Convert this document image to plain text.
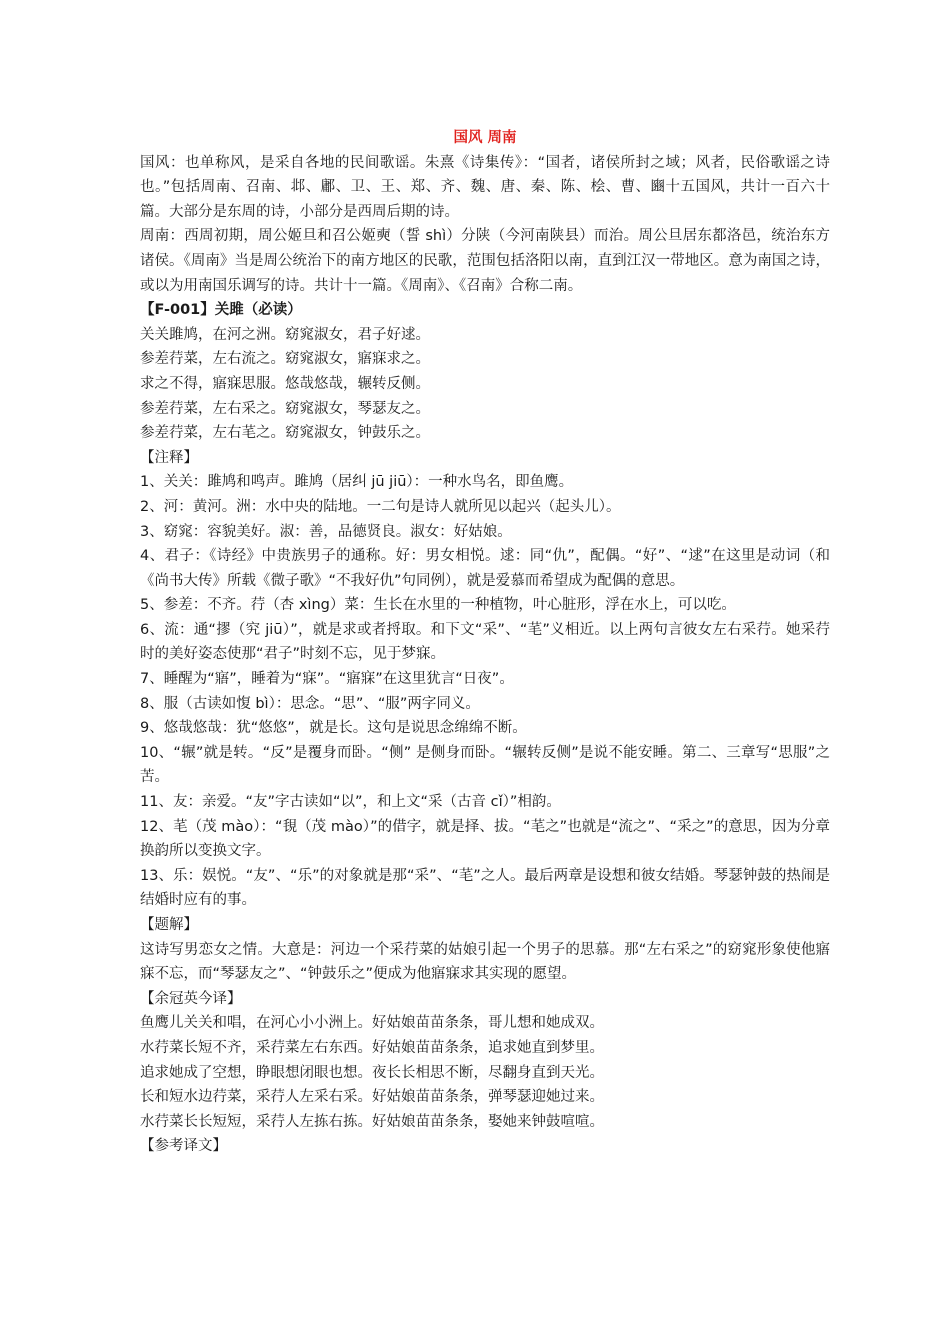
国风 周南

国风：也单称风，是采自各地的民间歌谣。朱熹《诗集传》：“国者，诸侯所封之域；风者，民俗歌谣之诗也。”包括周南、召南、邶、鄘、卫、王、郑、齐、魏、唐、秦、陈、桧、曹、豳十五国风，共计一百六十篇。大部分是东周的诗，小部分是西周后期的诗。

周南：西周初期，周公姬旦和召公姬奭（誓 shì）分陕（今河南陕县）而治。周公旦居东都洛邑，统治东方诸侯。《周南》当是周公统治下的南方地区的民歌，范围包括洛阳以南，直到江汉一带地区。意为南国之诗，或以为用南国乐调写的诗。共计十一篇。《周南》、《召南》合称二南。

【F-001】关雎（必读）

关关雎鸠，在河之洲。窈窕淑女，君子好逑。

参差荇菜，左右流之。窈窕淑女，寤寐求之。

求之不得，寤寐思服。悠哉悠哉，辗转反侧。

参差荇菜，左右采之。窈窕淑女，琴瑟友之。

参差荇菜，左右芼之。窈窕淑女，钟鼓乐之。

【注释】

1、关关：雎鸠和鸣声。雎鸠（居纠 jū jiū）：一种水鸟名，即鱼鹰。

2、河：黄河。洲：水中央的陆地。一二句是诗人就所见以起兴（起头儿）。

3、窈窕：容貌美好。淑：善，品德贤良。淑女：好姑娘。

4、君子：《诗经》中贵族男子的通称。好：男女相悦。逑：同“仇”，配偶。“好”、“逑”在这里是动词（和《尚书大传》所载《微子歌》“不我好仇”句同例），就是爱慕而希望成为配偶的意思。

5、参差：不齐。荇（杏 xìng）菜：生长在水里的一种植物，叶心脏形，浮在水上，可以吃。

6、流：通“摎（究 jiū）”，就是求或者捋取。和下文“采”、“芼”义相近。以上两句言彼女左右采荇。她采荇时的美好姿态使那“君子”时刻不忘，见于梦寐。

7、睡醒为“寤”，睡着为“寐”。“寤寐”在这里犹言“日夜”。

8、服（古读如愎 bì）：思念。“思”、“服”两字同义。

9、悠哉悠哉：犹“悠悠”，就是长。这句是说思念绵绵不断。

10、“辗”就是转。“反”是覆身而卧。“侧” 是侧身而卧。“辗转反侧”是说不能安睡。第二、三章写“思服”之苦。

11、友：亲爱。“友”字古读如“以”，和上文“采（古音 cǐ）”相韵。

12、芼（茂 mào）：“覒（茂 mào）”的借字，就是择、拔。“芼之”也就是“流之”、“采之”的意思，因为分章换韵所以变换文字。

13、乐：娱悦。“友”、“乐”的对象就是那“采”、“芼”之人。最后两章是设想和彼女结婚。琴瑟钟鼓的热闹是结婚时应有的事。

【题解】

这诗写男恋女之情。大意是：河边一个采荇菜的姑娘引起一个男子的思慕。那“左右采之”的窈窕形象使他寤寐不忘，而“琴瑟友之”、“钟鼓乐之”便成为他寤寐求其实现的愿望。

【余冠英今译】

鱼鹰儿关关和唱，在河心小小洲上。好姑娘苗苗条条，哥儿想和她成双。

水荇菜长短不齐，采荇菜左右东西。好姑娘苗苗条条，追求她直到梦里。

追求她成了空想，睁眼想闭眼也想。夜长长相思不断，尽翻身直到天光。

长和短水边荇菜，采荇人左采右采。好姑娘苗苗条条，弹琴瑟迎她过来。

水荇菜长长短短，采荇人左拣右拣。好姑娘苗苗条条，娶她来钟鼓喧喧。

【参考译文】
